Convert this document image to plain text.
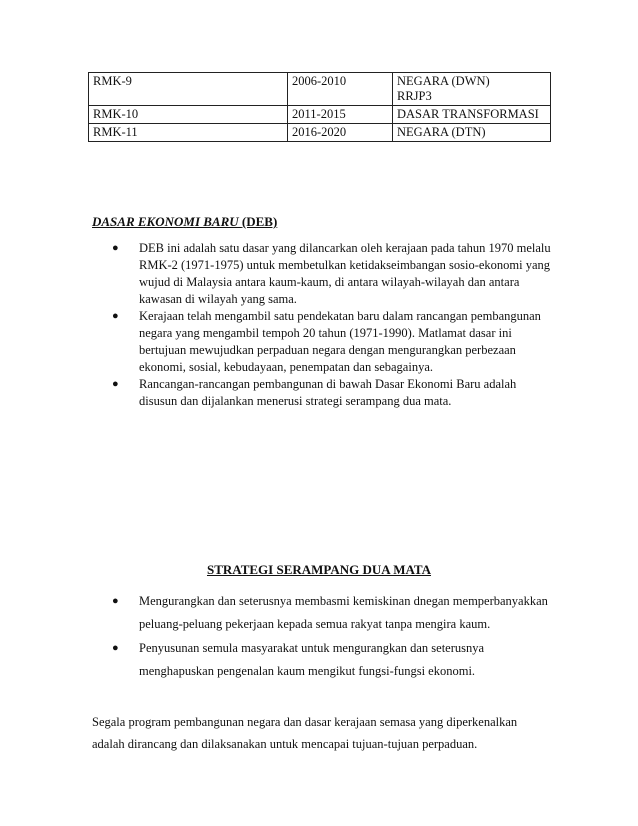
RMK-9	2006-2010	NEGARA (DWN)
RRJP3

RMK-10	2011-2015	DASAR TRANSFORMASI

RMK-11	2016-2020	NEGARA (DTN)
DASAR EKONOMI BARU (DEB)
● DEB ini adalah satu dasar yang dilancarkan oleh kerajaan pada tahun 1970 melalu RMK-2 (1971-1975) untuk membetulkan ketidakseimbangan sosio-ekonomi yang wujud di Malaysia antara kaum-kaum, di antara wilayah-wilayah dan antara kawasan di wilayah yang sama.
● Kerajaan telah mengambil satu pendekatan baru dalam rancangan pembangunan negara yang mengambil tempoh 20 tahun (1971-1990). Matlamat dasar ini bertujuan mewujudkan perpaduan negara dengan mengurangkan perbezaan ekonomi, sosial, kebudayaan, penempatan dan sebagainya.
● Rancangan-rancangan pembangunan di bawah Dasar Ekonomi Baru adalah disusun dan dijalankan menerusi strategi serampang dua mata.
STRATEGI SERAMPANG DUA MATA
● Mengurangkan dan seterusnya membasmi kemiskinan dnegan memperbanyakkan peluang-peluang pekerjaan kepada semua rakyat tanpa mengira kaum.
● Penyusunan semula masyarakat untuk mengurangkan dan seterusnya menghapuskan pengenalan kaum mengikut fungsi-fungsi ekonomi.

Segala program pembangunan negara dan dasar kerajaan semasa yang diperkenalkan adalah dirancang dan dilaksanakan untuk mencapai tujuan-tujuan perpaduan.
